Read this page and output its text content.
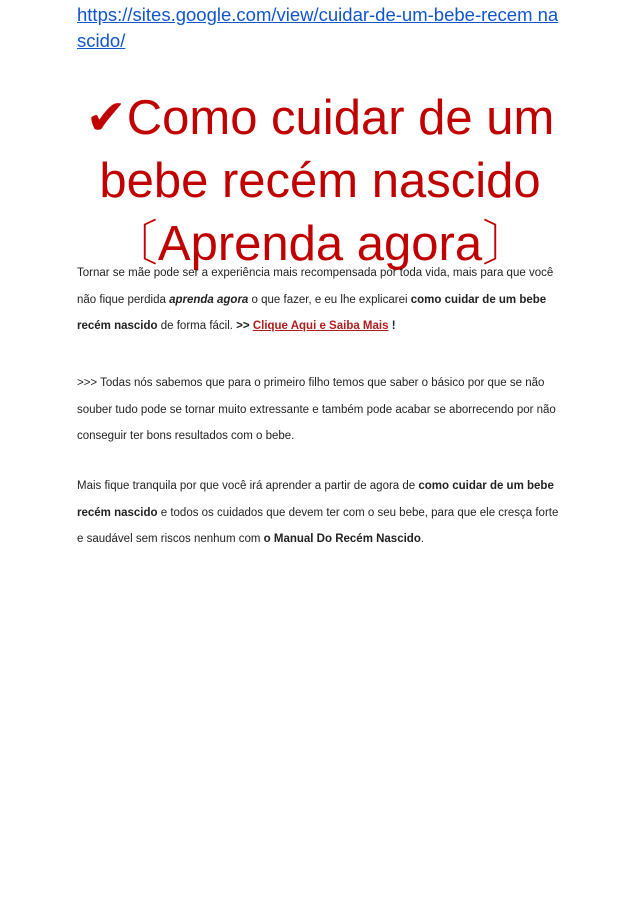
https://sites.google.com/view/cuidar-de-um-bebe-recem nascido/
✔Como cuidar de um bebe recém nascido 〔Aprenda agora〕

Tornar se mãe pode ser a experiência mais recompensada por toda vida, mais para que você não fique perdida aprenda agora o que fazer, e eu lhe explicarei como cuidar de um bebe recém nascido de forma fácil. >> Clique Aqui e Saiba Mais !

>>> Todas nós sabemos que para o primeiro filho temos que saber o básico por que se não souber tudo pode se tornar muito extressante e também pode acabar se aborrecendo por não conseguir ter bons resultados com o bebe.

Mais fique tranquila por que você irá aprender a partir de agora de como cuidar de um bebe recém nascido e todos os cuidados que devem ter com o seu bebe, para que ele cresça forte e saudável sem riscos nenhum com o Manual Do Recém Nascido.
